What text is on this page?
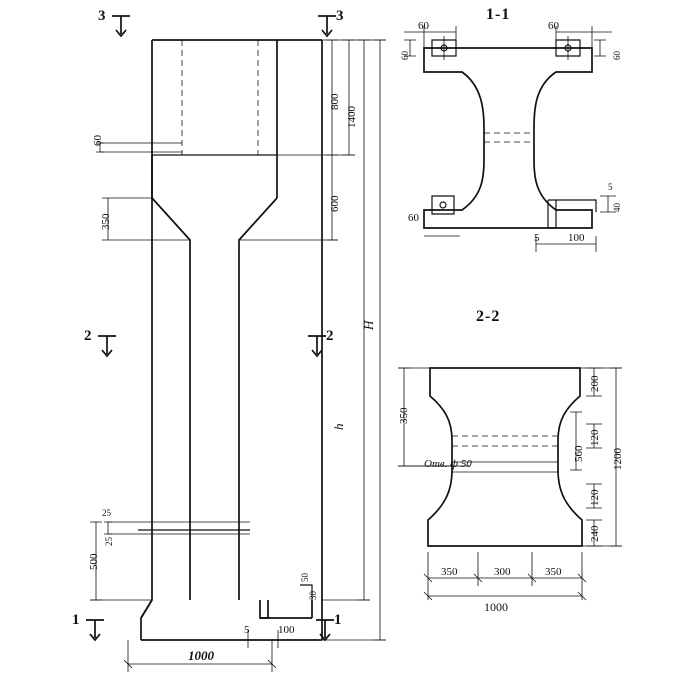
3	3
2	2
1	1
800
600
1400
H
h
60
350
500
25
25
1000
5	100
50
30
1-1
2-2
60
60
60
60
60
5	100
5
40
350
Отв. ф 50
200
120
560
120
240
1200
350	300	350
1000
